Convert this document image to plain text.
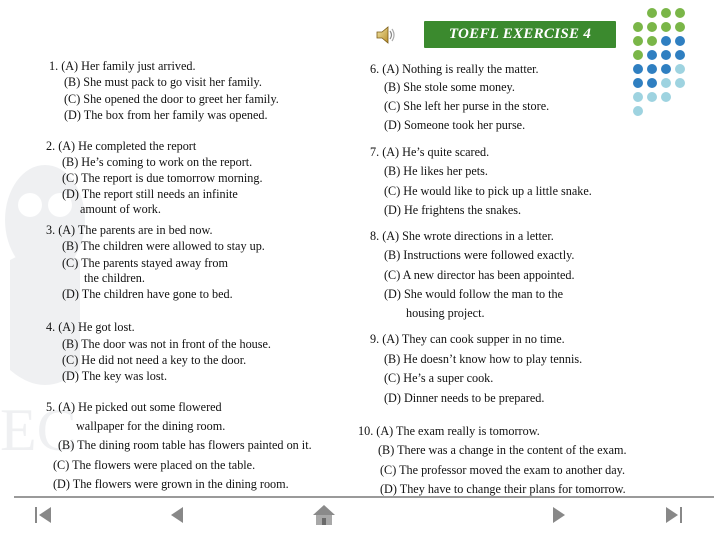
EC
TOEFL EXERCISE 4
1. (A) Her family just arrived.
(B) She must pack to go visit her family.
(C) She opened the door to greet her family.
(D) The box from her family was opened.
2. (A) He completed the report
(B) He’s coming to work on the report.
(C) The report is due tomorrow morning.
(D) The report still needs an infinite
amount of work.
3. (A) The parents are in bed now.
(B) The children were allowed to stay up.
(C) The parents stayed away from
the children.
(D) The children have gone to bed.
4. (A) He got lost.
(B) The door was not in front of the house.
(C) He did not need a key to the door.
(D) The key was lost.
5. (A) He picked out some flowered
wallpaper for the dining room.
(B) The dining room table has flowers painted on it.
(C) The flowers were placed on the table.
(D) The flowers were grown in the dining room.
6. (A) Nothing is really the matter.
(B) She stole some money.
(C) She left her purse in the store.
(D) Someone took her purse.
7. (A) He’s quite scared.
(B) He likes her pets.
(C) He would like to pick up a little snake.
(D) He frightens the snakes.
8. (A) She wrote directions in a letter.
(B) Instructions were followed exactly.
(C) A new director has been appointed.
(D) She would follow the man to the
housing project.
9. (A) They can cook supper in no time.
(B) He doesn’t know how to play tennis.
(C) He’s a super cook.
(D) Dinner needs to be prepared.
10. (A) The exam really is tomorrow.
(B) There was a change in the content of the exam.
(C) The professor moved the exam to another day.
(D) They have to change their plans for tomorrow.
